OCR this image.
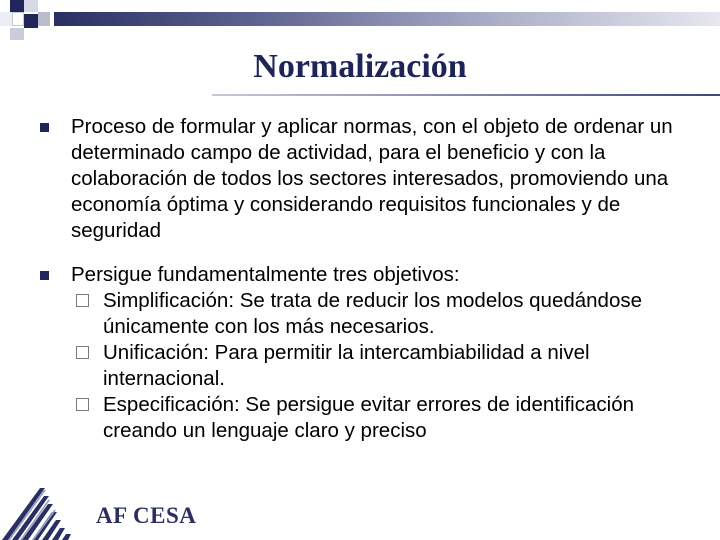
Normalización
Proceso de formular y aplicar normas, con el objeto de ordenar un determinado campo de actividad, para el beneficio y con la colaboración de todos los sectores interesados, promoviendo una economía óptima y considerando requisitos funcionales y de seguridad
Persigue fundamentalmente tres objetivos:
Simplificación: Se trata de reducir los modelos quedándose únicamente con los más necesarios.
Unificación: Para permitir la intercambiabilidad a nivel internacional.
Especificación: Se persigue evitar errores de identificación creando un lenguaje claro y preciso
AF CESA
